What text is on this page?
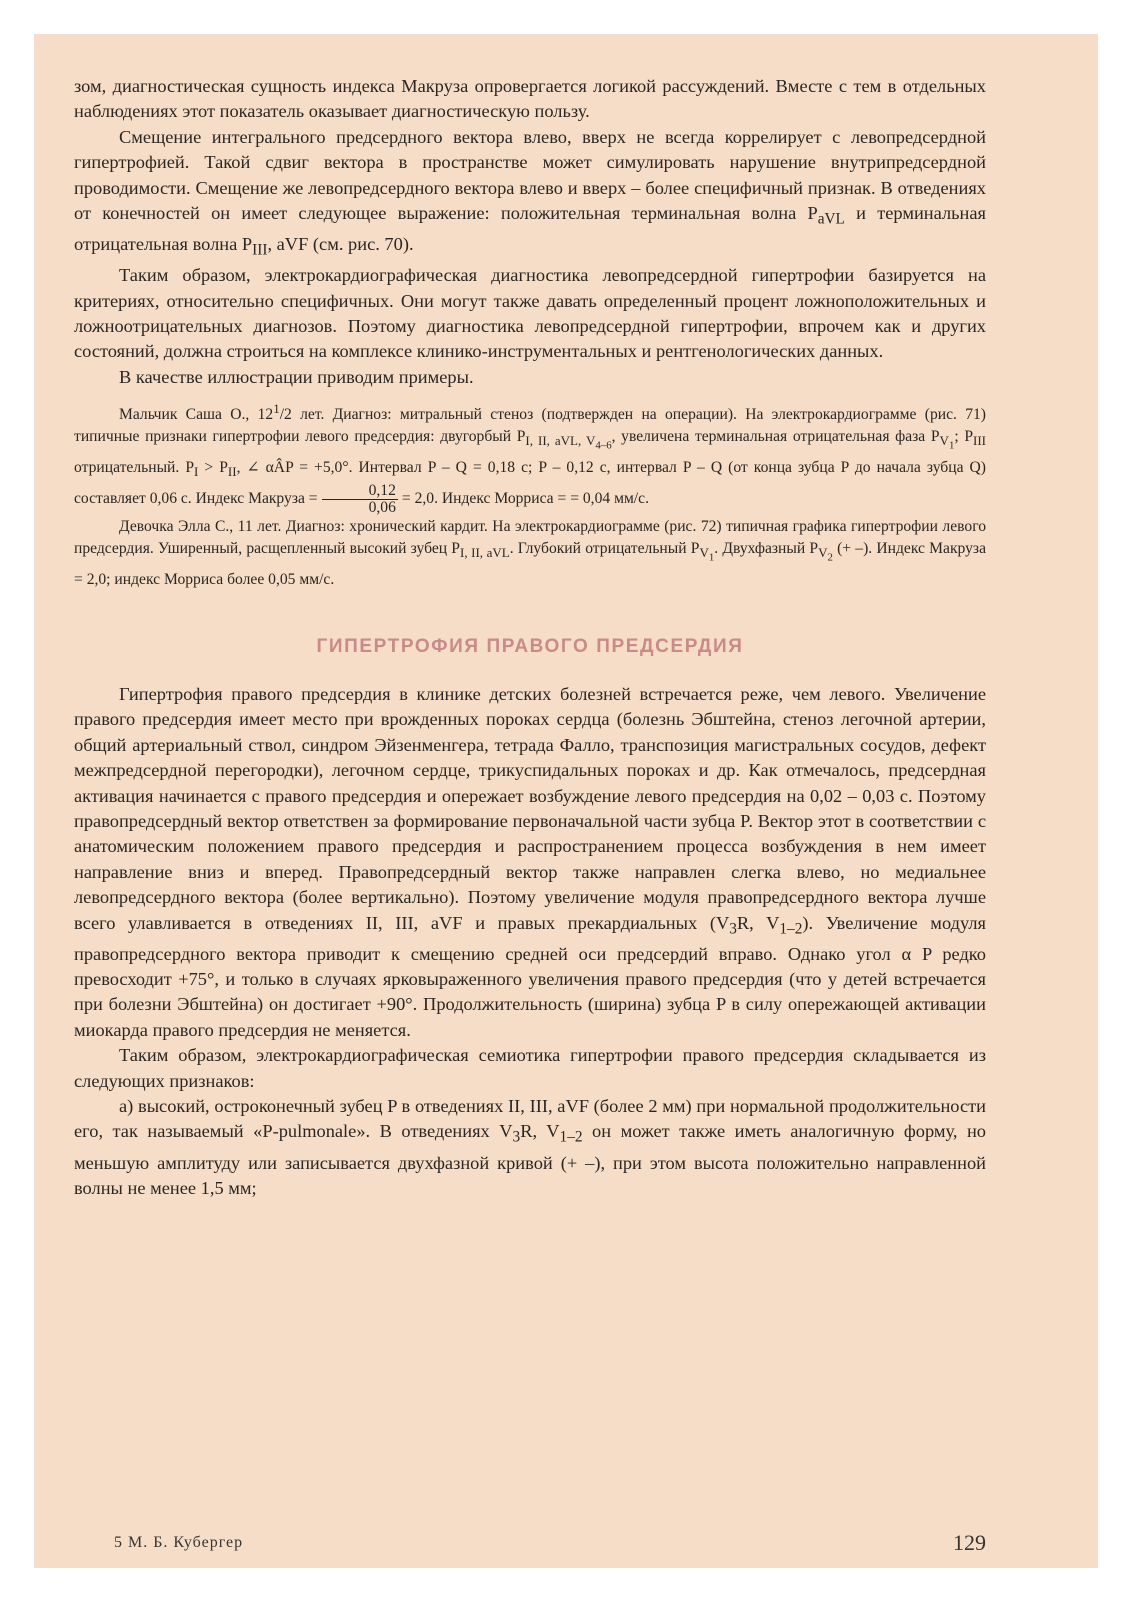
зом, диагностическая сущность индекса Макруза опровергается логикой рассуждений. Вместе с тем в отдельных наблюдениях этот показатель оказывает диагностическую пользу.

Смещение интегрального предсердного вектора влево, вверх не всегда коррелирует с левопредсердной гипертрофией. Такой сдвиг вектора в пространстве может симулировать нарушение внутрипредсердной проводимости. Смещение же левопредсердного вектора влево и вверх – более специфичный признак. В отведениях от конечностей он имеет следующее выражение: положительная терминальная волна $P_{aVL}$ и терминальная отрицательная волна $P_{III}$, aVF (см. рис. 70).

Таким образом, электрокардиографическая диагностика левопредсердной гипертрофии базируется на критериях, относительно специфичных. Они могут также давать определенный процент ложноположительных и ложноотрицательных диагнозов. Поэтому диагностика левопредсердной гипертрофии, впрочем как и других состояний, должна строиться на комплексе клинико-инструментальных и рентгенологических данных.

В качестве иллюстрации приводим примеры.

Мальчик Саша О., $12^1/2$ лет. Диагноз: митральный стеноз (подтвержден на операции). На электрокардиограмме (рис. 71) типичные признаки гипертрофии левого предсердия: двугорбый $P_{I, II, aVL, V_{4-6}}$, увеличена терминальная отрицательная фаза $P_{V_1}$; $P_{III}$ отрицательный. $P_I > P_{II}$, ∠ αÂP = +5,0°. Интервал P – Q = 0,18 с; P – 0,12 с, интервал P – Q (от конца зубца P до начала зубца Q) составляет 0,06 с. Индекс Макруза = $\frac{0,12}{0,06} = 2,0$. Индекс Морриса = = 0,04 мм/с.

Девочка Элла С., 11 лет. Диагноз: хронический кардит. На электрокардиограмме (рис. 72) типичная графика гипертрофии левого предсердия. Уширенный, расщепленный высокий зубец $P_{I, II, aVL}$. Глубокий отрицательный $P_{V_1}$. Двухфазный $P_{V_2}$ (+ –). Индекс Макруза = 2,0; индекс Морриса более 0,05 мм/с.

ГИПЕРТРОФИЯ ПРАВОГО ПРЕДСЕРДИЯ

Гипертрофия правого предсердия в клинике детских болезней встречается реже, чем левого. Увеличение правого предсердия имеет место при врожденных пороках сердца (болезнь Эбштейна, стеноз легочной артерии, общий артериальный ствол, синдром Эйзенменгера, тетрада Фалло, транспозиция магистральных сосудов, дефект межпредсердной перегородки), легочном сердце, трикуспидальных пороках и др. Как отмечалось, предсердная активация начинается с правого предсердия и опережает возбуждение левого предсердия на 0,02 – 0,03 с. Поэтому правопредсердный вектор ответствен за формирование первоначальной части зубца P. Вектор этот в соответствии с анатомическим положением правого предсердия и распространением процесса возбуждения в нем имеет направление вниз и вперед. Правопредсердный вектор также направлен слегка влево, но медиальнее левопредсердного вектора (более вертикально). Поэтому увеличение модуля правопредсердного вектора лучше всего улавливается в отведениях II, III, aVF и правых прекардиальных ($V_3R$, $V_{1-2}$). Увеличение модуля правопредсердного вектора приводит к смещению средней оси предсердий вправо. Однако угол α P редко превосходит +75°, и только в случаях ярковыраженного увеличения правого предсердия (что у детей встречается при болезни Эбштейна) он достигает +90°. Продолжительность (ширина) зубца P в силу опережающей активации миокарда правого предсердия не меняется.

Таким образом, электрокардиографическая семиотика гипертрофии правого предсердия складывается из следующих признаков:

а) высокий, остроконечный зубец P в отведениях II, III, aVF (более 2 мм) при нормальной продолжительности его, так называемый «P-pulmonale». В отведениях $V_3R$, $V_{1-2}$ он может также иметь аналогичную форму, но меньшую амплитуду или записывается двухфазной кривой (+ –), при этом высота положительно направленной волны не менее 1,5 мм;

5 М. Б. Кубергер	129
